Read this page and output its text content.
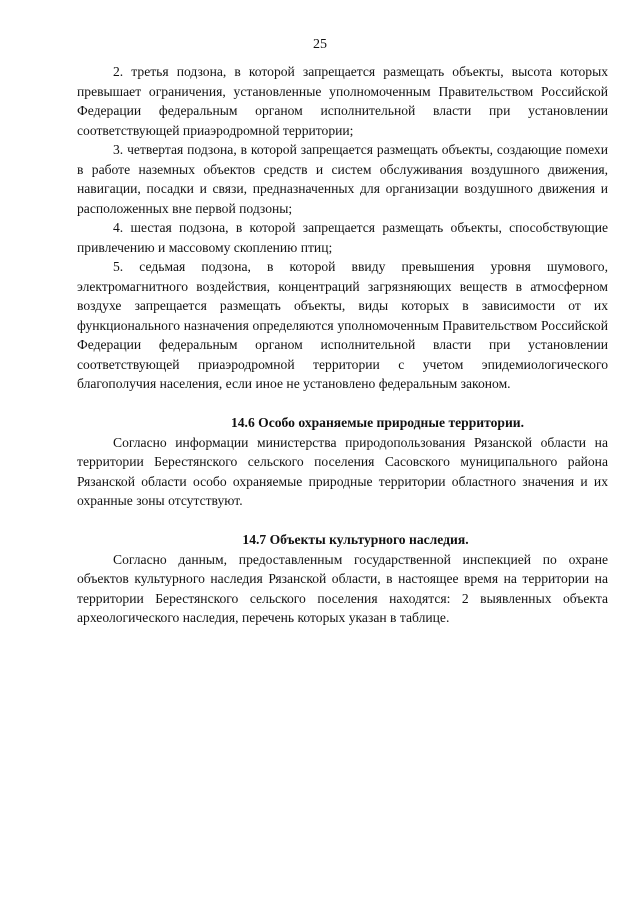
25

2. третья подзона, в которой запрещается размещать объекты, высота которых превышает ограничения, установленные уполномоченным Правительством Российской Федерации федеральным органом исполнительной власти при установлении соответствующей приаэродромной территории;

3. четвертая подзона, в которой запрещается размещать объекты, создающие помехи в работе наземных объектов средств и систем обслуживания воздушного движения, навигации, посадки и связи, предназначенных для организации воздушного движения и расположенных вне первой подзоны;

4. шестая подзона, в которой запрещается размещать объекты, способствующие привлечению и массовому скоплению птиц;

5. седьмая подзона, в которой ввиду превышения уровня шумового, электромагнитного воздействия, концентраций загрязняющих веществ в атмосферном воздухе запрещается размещать объекты, виды которых в зависимости от их функционального назначения определяются уполномоченным Правительством Российской Федерации федеральным органом исполнительной власти при установлении соответствующей приаэродромной территории с учетом эпидемиологического благополучия населения, если иное не установлено федеральным законом.

14.6 Особо охраняемые природные территории.

Согласно информации министерства природопользования Рязанской области на территории Берестянского сельского поселения Сасовского муниципального района Рязанской области особо охраняемые природные территории областного значения и их охранные зоны отсутствуют.

14.7 Объекты культурного наследия.

Согласно данным, предоставленным государственной инспекцией по охране объектов культурного наследия Рязанской области, в настоящее время на территории на территории Берестянского сельского поселения находятся: 2 выявленных объекта археологического наследия, перечень которых указан в таблице.
